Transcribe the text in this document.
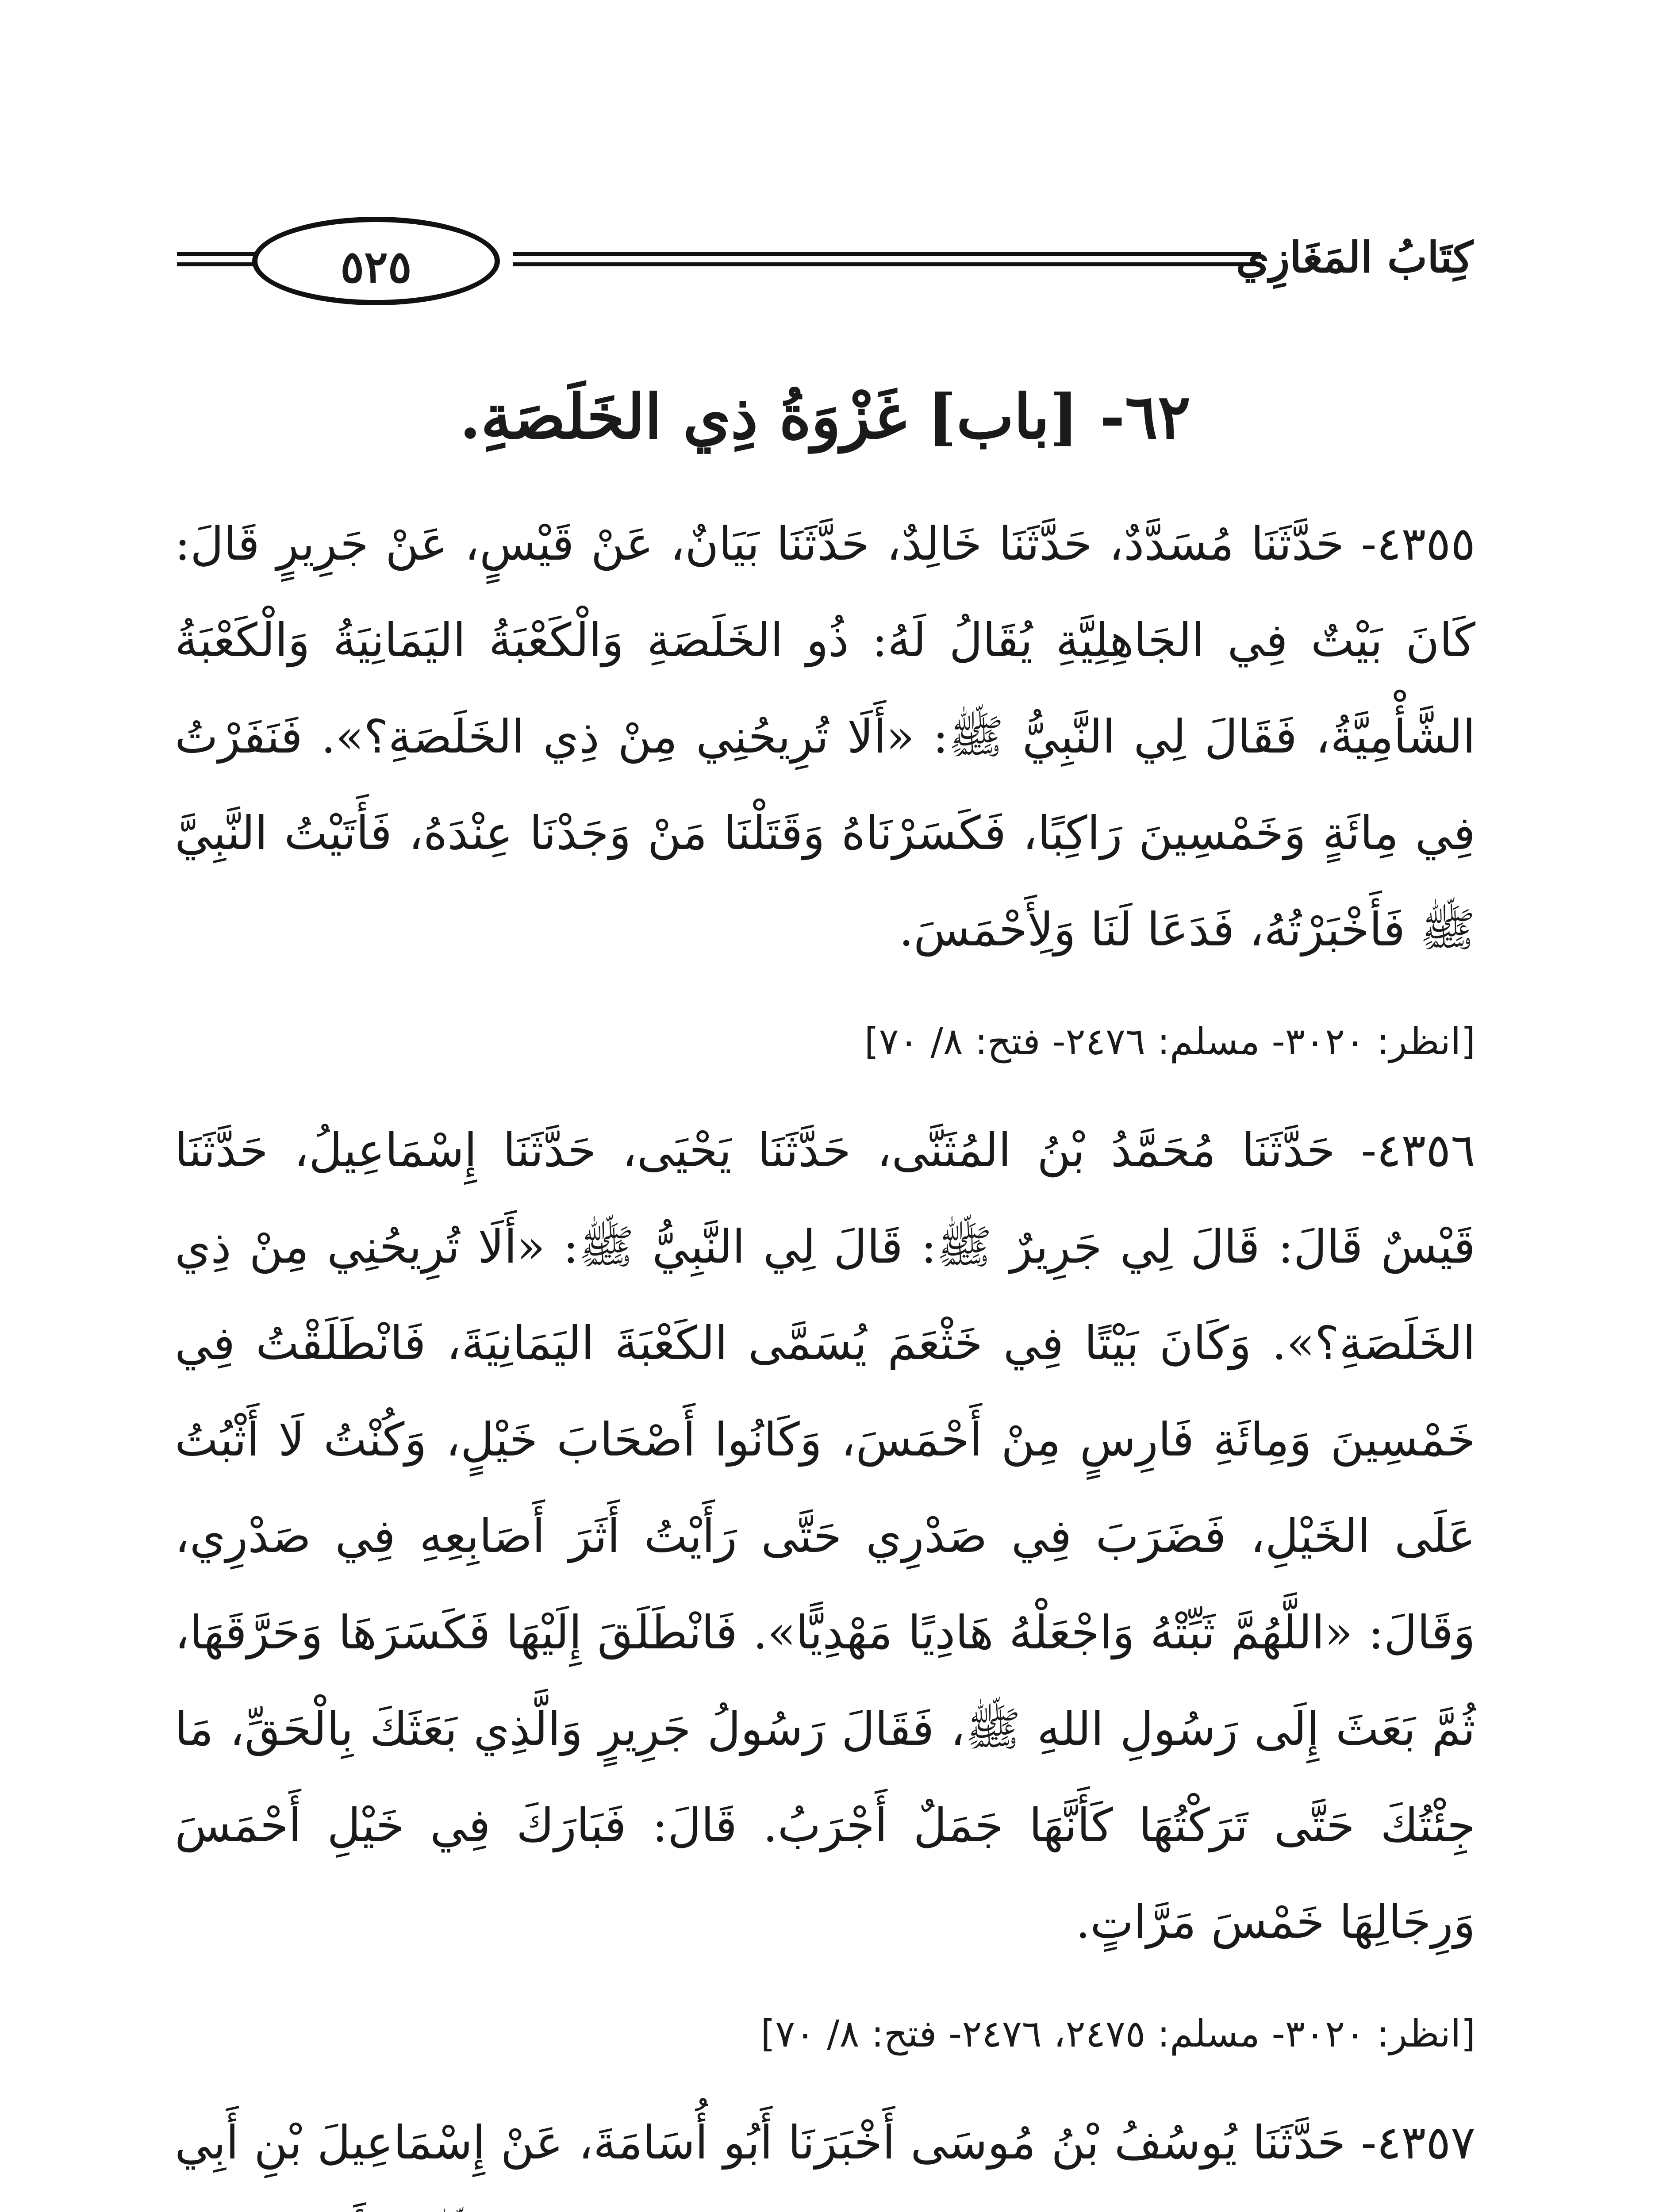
كِتَابُ المَغَازِي
٥٢٥
٦٢- [باب] غَزْوَةُ ذِي الخَلَصَةِ.

٤٣٥٥- حَدَّثَنَا مُسَدَّدٌ، حَدَّثَنَا خَالِدٌ، حَدَّثَنَا بَيَانٌ، عَنْ قَيْسٍ، عَنْ جَرِيرٍ قَالَ: كَانَ بَيْتٌ فِي الجَاهِلِيَّةِ يُقَالُ لَهُ: ذُو الخَلَصَةِ وَالْكَعْبَةُ اليَمَانِيَةُ وَالْكَعْبَةُ الشَّأْمِيَّةُ، فَقَالَ لِي النَّبِيُّ ﷺ: «أَلَا تُرِيحُنِي مِنْ ذِي الخَلَصَةِ؟». فَنَفَرْتُ فِي مِائَةٍ وَخَمْسِينَ رَاكِبًا، فَكَسَرْنَاهُ وَقَتَلْنَا مَنْ وَجَدْنَا عِنْدَهُ، فَأَتَيْتُ النَّبِيَّ ﷺ فَأَخْبَرْتُهُ، فَدَعَا لَنَا وَلِأَحْمَسَ.

[انظر: ٣٠٢٠- مسلم: ٢٤٧٦- فتح: ٨/ ٧٠]

٤٣٥٦- حَدَّثَنَا مُحَمَّدُ بْنُ المُثَنَّى، حَدَّثَنَا يَحْيَى، حَدَّثَنَا إِسْمَاعِيلُ، حَدَّثَنَا قَيْسٌ قَالَ: قَالَ لِي جَرِيرٌ ﷺ: قَالَ لِي النَّبِيُّ ﷺ: «أَلَا تُرِيحُنِي مِنْ ذِي الخَلَصَةِ؟». وَكَانَ بَيْتًا فِي خَثْعَمَ يُسَمَّى الكَعْبَةَ اليَمَانِيَةَ، فَانْطَلَقْتُ فِي خَمْسِينَ وَمِائَةِ فَارِسٍ مِنْ أَحْمَسَ، وَكَانُوا أَصْحَابَ خَيْلٍ، وَكُنْتُ لَا أَثْبُتُ عَلَى الخَيْلِ، فَضَرَبَ فِي صَدْرِي حَتَّى رَأَيْتُ أَثَرَ أَصَابِعِهِ فِي صَدْرِي، وَقَالَ: «اللَّهُمَّ ثَبِّتْهُ وَاجْعَلْهُ هَادِيًا مَهْدِيًّا». فَانْطَلَقَ إِلَيْهَا فَكَسَرَهَا وَحَرَّقَهَا، ثُمَّ بَعَثَ إِلَى رَسُولِ اللهِ ﷺ، فَقَالَ رَسُولُ جَرِيرٍ وَالَّذِي بَعَثَكَ بِالْحَقِّ، مَا جِئْتُكَ حَتَّى تَرَكْتُهَا كَأَنَّهَا جَمَلٌ أَجْرَبُ. قَالَ: فَبَارَكَ فِي خَيْلِ أَحْمَسَ وَرِجَالِهَا خَمْسَ مَرَّاتٍ.

[انظر: ٣٠٢٠- مسلم: ٢٤٧٥، ٢٤٧٦- فتح: ٨/ ٧٠]

٤٣٥٧- حَدَّثَنَا يُوسُفُ بْنُ مُوسَى أَخْبَرَنَا أَبُو أُسَامَةَ، عَنْ إِسْمَاعِيلَ بْنِ أَبِي
